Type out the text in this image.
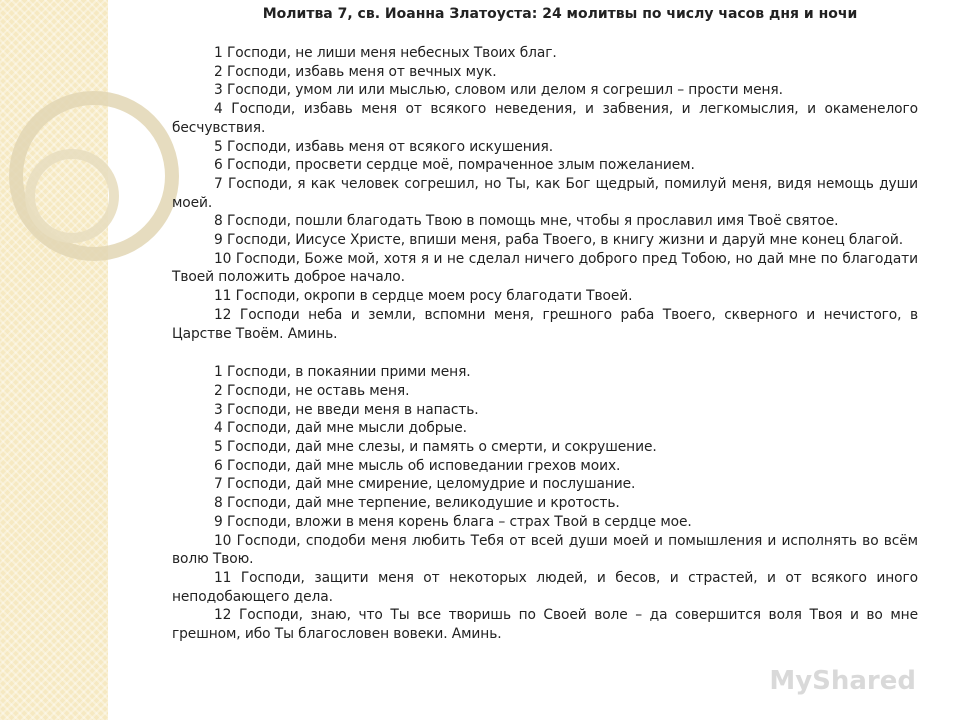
Молитва 7, св. Иоанна Златоуста: 24 молитвы по числу часов дня и ночи

1 Господи, не лиши меня небесных Твоих благ.

2 Господи, избавь меня от вечных мук.

3 Господи, умом ли или мыслью, словом или делом я согрешил – прости меня.

4 Господи, избавь меня от всякого неведения, и забвения, и легкомыслия, и окаменелого бесчувствия.

5 Господи, избавь меня от всякого искушения.

6 Господи, просвети сердце моё, помраченное злым пожеланием.

7 Господи, я как человек согрешил, но Ты, как Бог щедрый, помилуй меня, видя немощь души моей.

8 Господи, пошли благодать Твою в помощь мне, чтобы я прославил имя Твоё святое.

9 Господи, Иисусе Христе, впиши меня, раба Твоего, в книгу жизни и даруй мне конец благой.

10 Господи, Боже мой, хотя я и не сделал ничего доброго пред Тобою, но дай мне по благодати Твоей положить доброе начало.

11 Господи, окропи в сердце моем росу благодати Твоей.

12 Господи неба и земли, вспомни меня, грешного раба Твоего, скверного и нечистого, в Царстве Твоём. Аминь.

1 Господи, в покаянии прими меня.

2 Господи, не оставь меня.

3 Господи, не введи меня в напасть.

4 Господи, дай мне мысли добрые.

5 Господи, дай мне слезы, и память о смерти, и сокрушение.

6 Господи, дай мне мысль об исповедании грехов моих.

7 Господи, дай мне смирение, целомудрие и послушание.

8 Господи, дай мне терпение, великодушие и кротость.

9 Господи, вложи в меня корень блага – страх Твой в сердце мое.

10 Господи, сподоби меня любить Тебя от всей души моей и помышления и исполнять во всём волю Твою.

11 Господи, защити меня от некоторых людей, и бесов, и страстей, и от всякого иного неподобающего дела.

12 Господи, знаю, что Ты все творишь по Своей воле – да совершится воля Твоя и во мне грешном, ибо Ты благословен вовеки. Аминь.

MyShared
